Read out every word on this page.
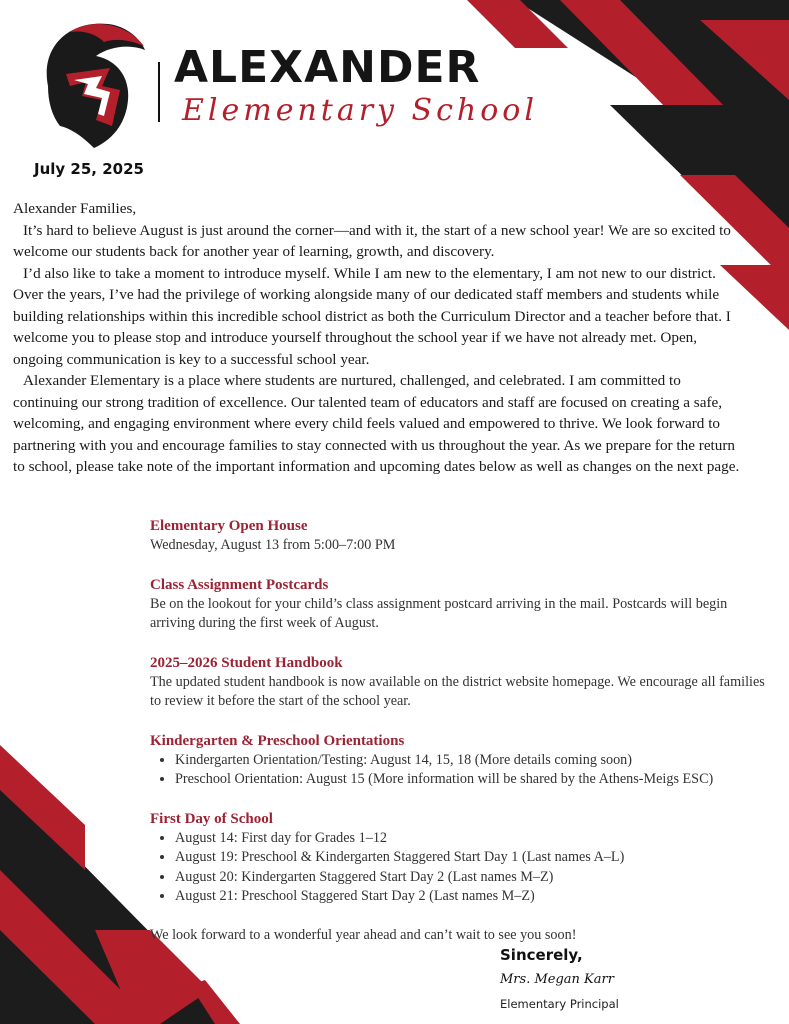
ALEXANDER
Elementary School
July 25, 2025

Alexander Families,

It’s hard to believe August is just around the corner—and with it, the start of a new school year! We are so excited to welcome our students back for another year of learning, growth, and discovery.

I’d also like to take a moment to introduce myself. While I am new to the elementary, I am not new to our district. Over the years, I’ve had the privilege of working alongside many of our dedicated staff members and students while building relationships within this incredible school district as both the Curriculum Director and a teacher before that. I welcome you to please stop and introduce yourself throughout the school year if we have not already met. Open, ongoing communication is key to a successful school year.

Alexander Elementary is a place where students are nurtured, challenged, and celebrated. I am committed to continuing our strong tradition of excellence. Our talented team of educators and staff are focused on creating a safe, welcoming, and engaging environment where every child feels valued and empowered to thrive. We look forward to partnering with you and encourage families to stay connected with us throughout the year. As we prepare for the return to school, please take note of the important information and upcoming dates below as well as changes on the next page.

Elementary Open House

Wednesday, August 13 from 5:00–7:00 PM

Class Assignment Postcards

Be on the lookout for your child’s class assignment postcard arriving in the mail. Postcards will begin arriving during the first week of August.

2025–2026 Student Handbook

The updated student handbook is now available on the district website homepage. We encourage all families to review it before the start of the school year.

Kindergarten & Preschool Orientations
• Kindergarten Orientation/Testing: August 14, 15, 18 (More details coming soon)
• Preschool Orientation: August 15 (More information will be shared by the Athens-Meigs ESC)
First Day of School
• August 14: First day for Grades 1–12
• August 19: Preschool & Kindergarten Staggered Start Day 1 (Last names A–L)
• August 20: Kindergarten Staggered Start Day 2 (Last names M–Z)
• August 21: Preschool Staggered Start Day 2 (Last names M–Z)

We look forward to a wonderful year ahead and can’t wait to see you soon!

Sincerely,
Mrs. Megan Karr
Elementary Principal
